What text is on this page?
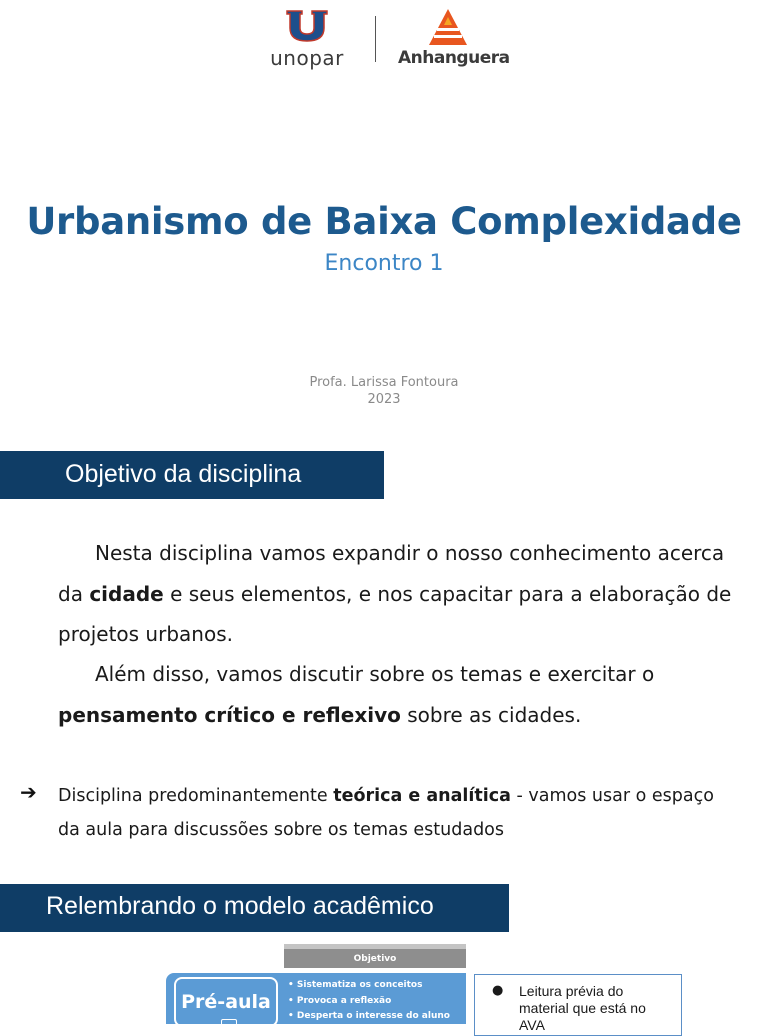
unopar	Anhanguera
Urbanismo de Baixa Complexidade
Encontro 1
Profa. Larissa Fontoura
2023
Objetivo da disciplina
Nesta disciplina vamos expandir o nosso conhecimento acerca da cidade e seus elementos, e nos capacitar para a elaboração de projetos urbanos.
Além disso, vamos discutir sobre os temas e exercitar o pensamento crítico e reflexivo sobre as cidades.
➔ Disciplina predominantemente teórica e analítica - vamos usar o espaço da aula para discussões sobre os temas estudados
Relembrando o modelo acadêmico
Objetivo
Pré-aula
• Sistematiza os conceitos
• Provoca a reflexão
• Desperta o interesse do aluno
● Leitura prévia do material que está no AVA
